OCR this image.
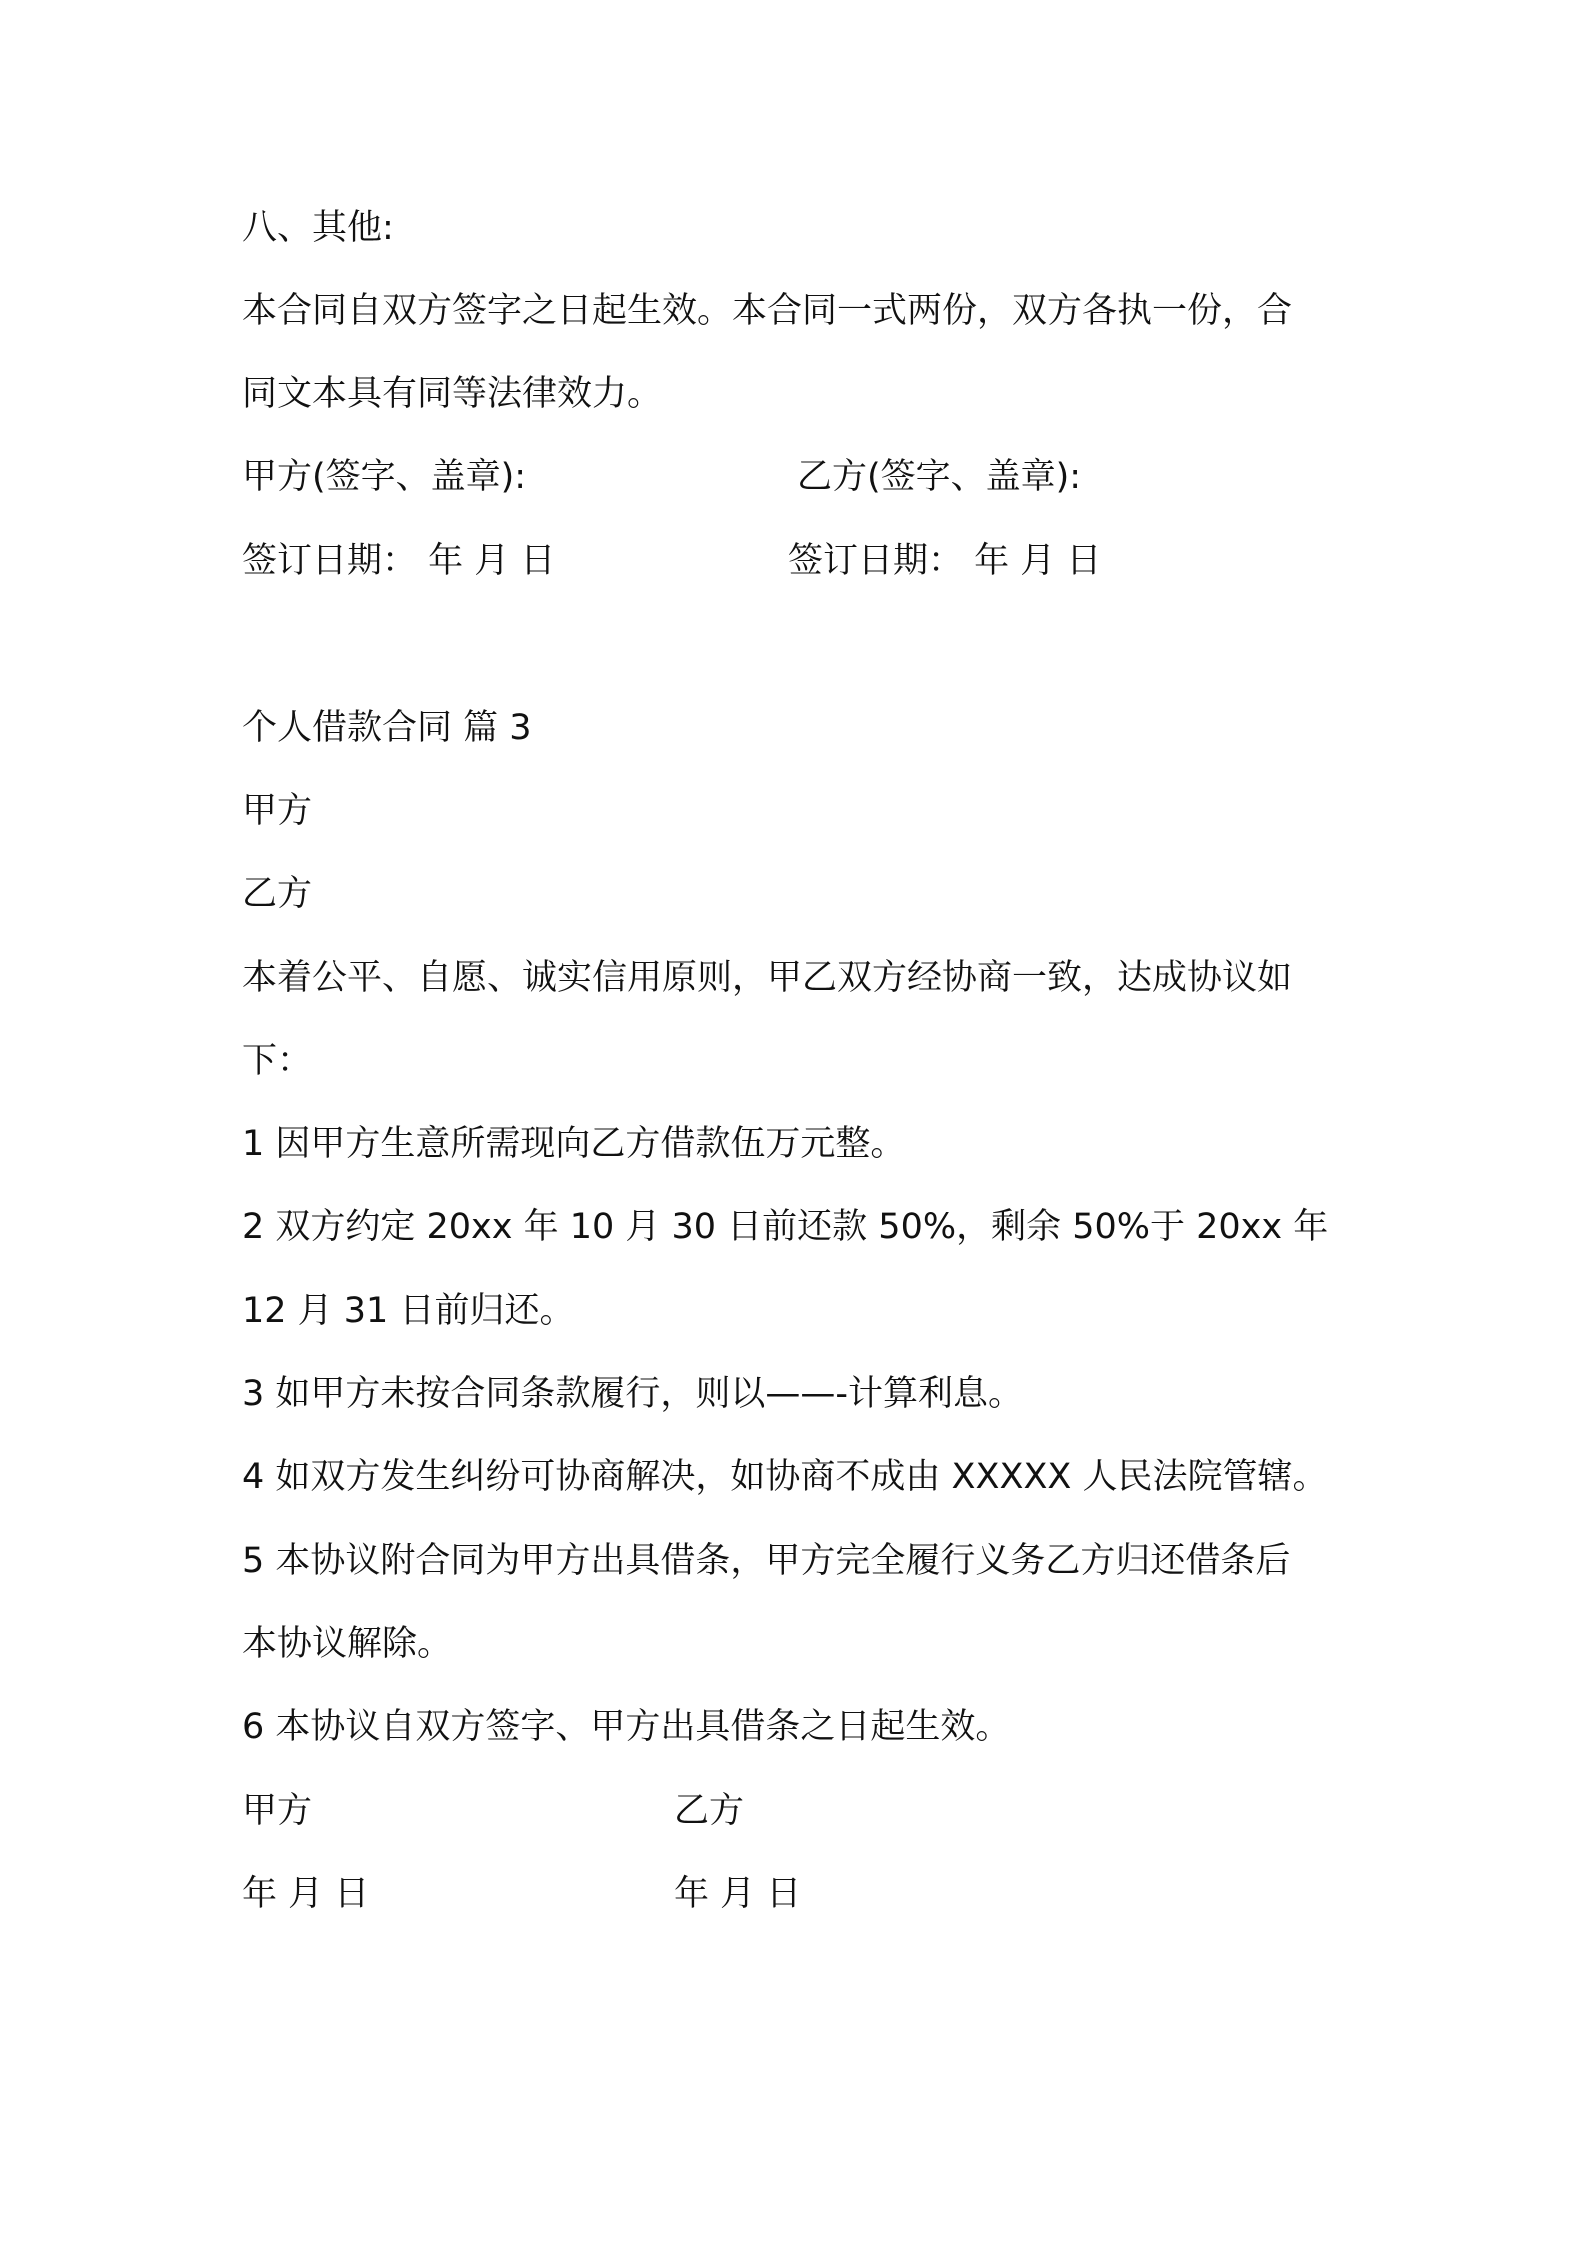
八、其他:
本合同自双方签字之日起生效。本合同一式两份，双方各执一份，合
同文本具有同等法律效力。
甲方(签字、盖章):	乙方(签字、盖章):
签订日期： 年 月 日	签订日期： 年 月 日
个人借款合同 篇 3
甲方
乙方
本着公平、自愿、诚实信用原则，甲乙双方经协商一致，达成协议如
下：
1 因甲方生意所需现向乙方借款伍万元整。
2 双方约定 20xx 年 10 月 30 日前还款 50%，剩余 50%于 20xx 年
12 月 31 日前归还。
3 如甲方未按合同条款履行，则以——-计算利息。
4 如双方发生纠纷可协商解决，如协商不成由 XXXXX 人民法院管辖。
5 本协议附合同为甲方出具借条，甲方完全履行义务乙方归还借条后
本协议解除。
6 本协议自双方签字、甲方出具借条之日起生效。
甲方	乙方
年 月 日	年 月 日
